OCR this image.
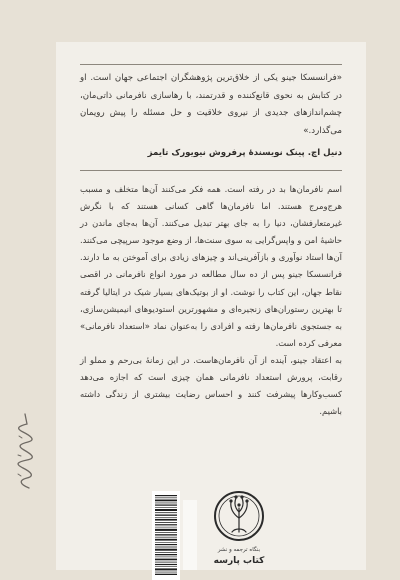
«فرانسسکا جینو یکی از خلاق‌ترین پژوهشگران اجتماعی جهان است. او در کتابش به نحوی قانع‌کننده و قدرتمند، با رهاسازی نافرمانی ذاتی‌مان، چشم‌اندازهای جدیدی از نیروی خلاقیت و حل مسئله را پیش رویمان می‌گذارد.»
دنیل اچ. پینک نویسندهٔ پرفروش نیویورک تایمز

اسم نافرمان‌ها بد در رفته است. همه فکر می‌کنند آن‌ها متخلف و مسبب هرج‌ومرج هستند. اما نافرمان‌ها گاهی کسانی هستند که با نگرش غیرمتعارفشان، دنیا را به جای بهتر تبدیل می‌کنند. آن‌ها به‌جای ماندن در حاشیهٔ امن و واپس‌گرایی به سوی سنت‌ها، از وضع موجود سرپیچی می‌کنند. آن‌ها استاد نوآوری و بازآفرینی‌اند و چیزهای زیادی برای آموختن به ما دارند. فرانسسکا جینو پس از ده سال مطالعه در مورد انواع نافرمانی در اقصی نقاط جهان، این کتاب را نوشت. او از بوتیک‌های بسیار شیک در ایتالیا گرفته تا بهترین رستوران‌های زنجیره‌ای و مشهورترین استودیوهای انیمیشن‌سازی، به جستجوی نافرمان‌ها رفته و افرادی را به‌عنوان نماد «استعداد نافرمانی» معرفی کرده است.

به اعتقاد جینو، آینده از آن نافرمان‌هاست. در این زمانهٔ بی‌رحم و مملو از رقابت، پرورش استعداد نافرمانی همان چیزی است که اجازه می‌دهد کسب‌وکارها پیشرفت کنند و احساس رضایت بیشتری از زندگی داشته باشیم.

بنگاه ترجمه و نشر
کتاب پارسه
